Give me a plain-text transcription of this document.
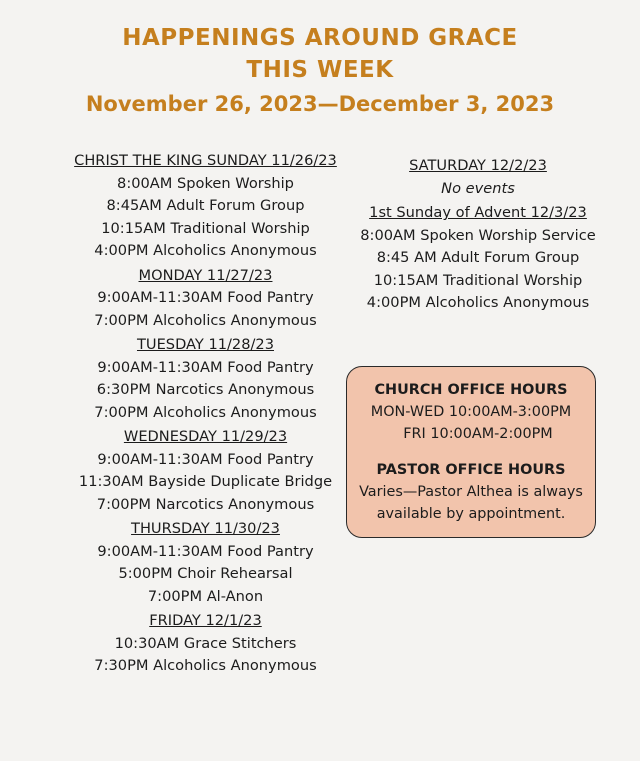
HAPPENINGS AROUND GRACE
THIS WEEK
November 26, 2023—December 3, 2023
CHRIST THE KING SUNDAY 11/26/23
8:00AM Spoken Worship
8:45AM Adult Forum Group
10:15AM Traditional Worship
4:00PM Alcoholics Anonymous
MONDAY 11/27/23
9:00AM-11:30AM Food Pantry
7:00PM Alcoholics Anonymous
TUESDAY 11/28/23
9:00AM-11:30AM Food Pantry
6:30PM Narcotics Anonymous
7:00PM Alcoholics Anonymous
WEDNESDAY 11/29/23
9:00AM-11:30AM Food Pantry
11:30AM Bayside Duplicate Bridge
7:00PM Narcotics Anonymous
THURSDAY 11/30/23
9:00AM-11:30AM Food Pantry
5:00PM Choir Rehearsal
7:00PM Al-Anon
FRIDAY 12/1/23
10:30AM Grace Stitchers
7:30PM Alcoholics Anonymous
SATURDAY 12/2/23
No events
1st Sunday of Advent 12/3/23
8:00AM Spoken Worship Service
8:45 AM Adult Forum Group
10:15AM Traditional Worship
4:00PM Alcoholics Anonymous
CHURCH OFFICE HOURS
MON-WED 10:00AM-3:00PM
FRI 10:00AM-2:00PM
PASTOR OFFICE HOURS
Varies—Pastor Althea is always
available by appointment.
